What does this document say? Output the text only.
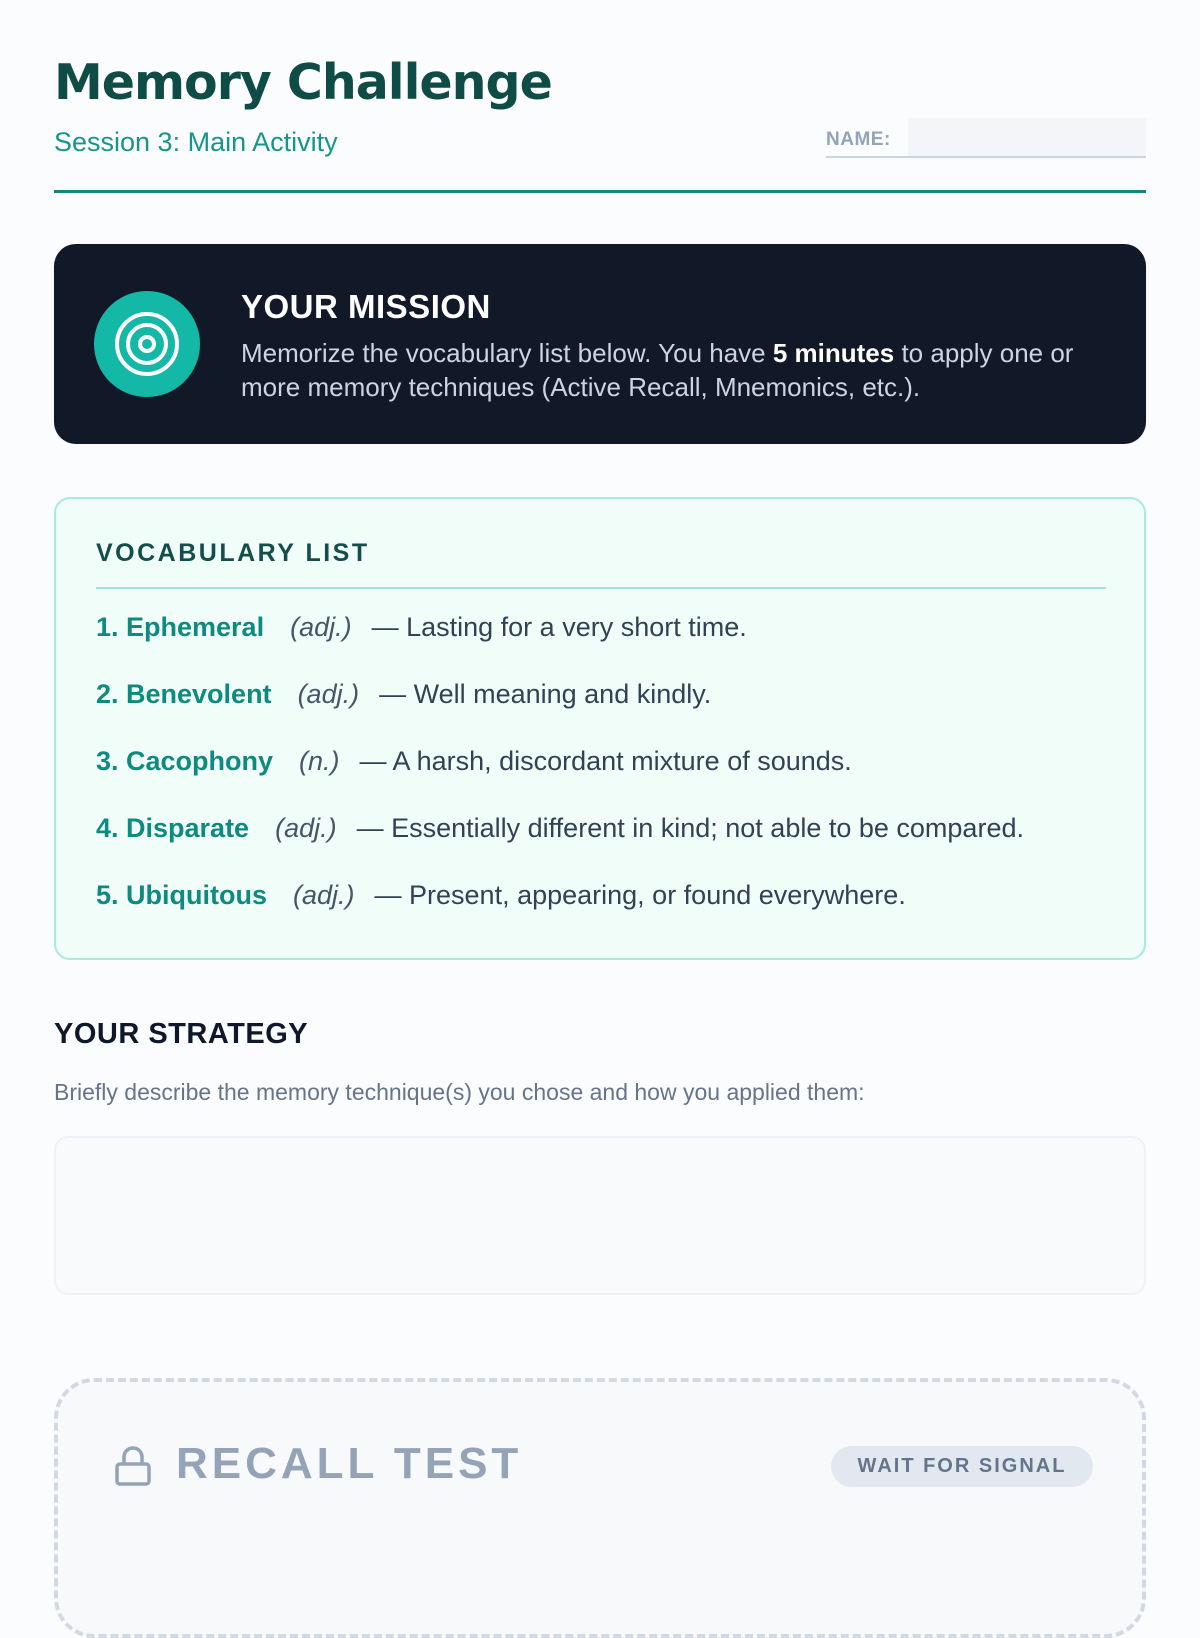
Memory Challenge
Session 3: Main Activity	NAME:
YOUR MISSION
Memorize the vocabulary list below. You have 5 minutes to apply one or more memory techniques (Active Recall, Mnemonics, etc.).
VOCABULARY LIST
1. Ephemeral (adj.) — Lasting for a very short time.
2. Benevolent (adj.) — Well meaning and kindly.
3. Cacophony (n.) — A harsh, discordant mixture of sounds.
4. Disparate (adj.) — Essentially different in kind; not able to be compared.
5. Ubiquitous (adj.) — Present, appearing, or found everywhere.
YOUR STRATEGY
Briefly describe the memory technique(s) you chose and how you applied them:
RECALL TEST	WAIT FOR SIGNAL
